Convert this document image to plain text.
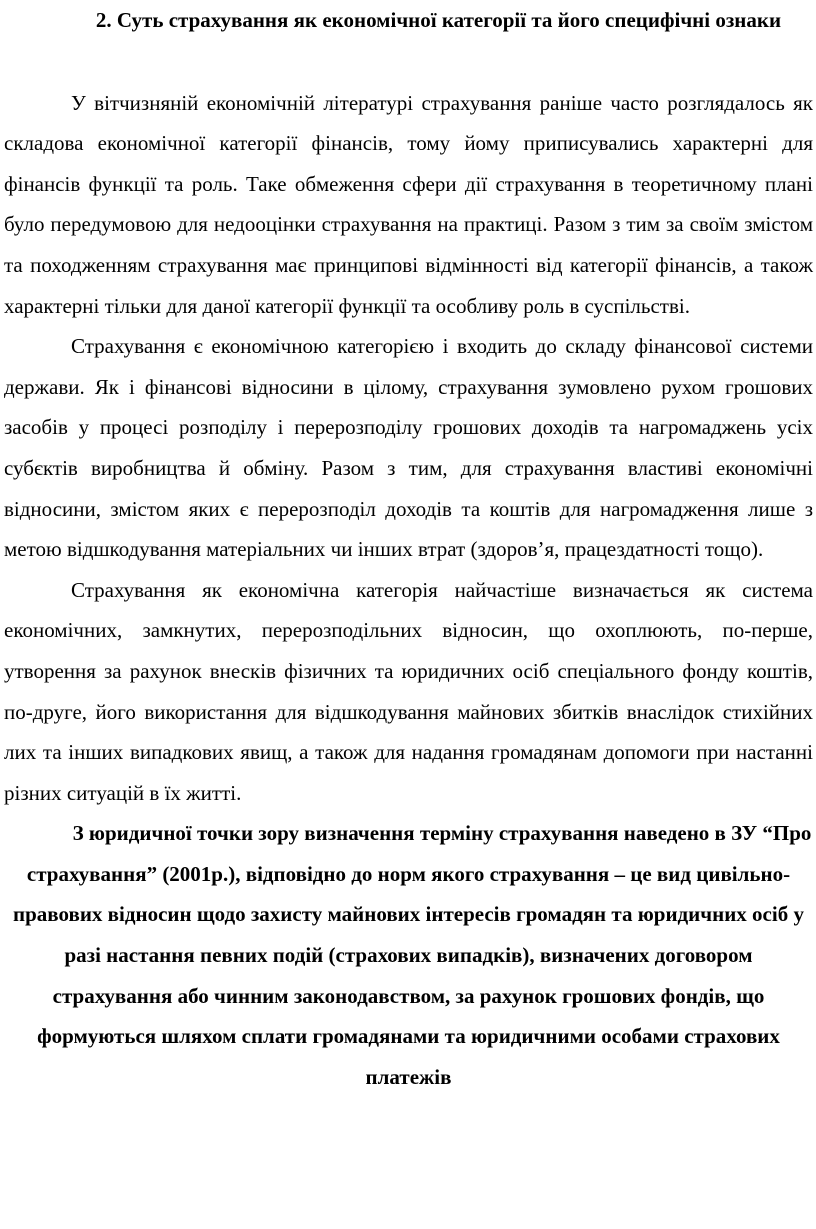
2. Суть страхування як економічної категорії та його специфічні ознаки

У вітчизняній економічній літературі страхування раніше часто розглядалось як складова економічної категорії фінансів, тому йому приписувались характерні для фінансів функції та роль. Таке обмеження сфери дії страхування в теоретичному плані було передумовою для недооцінки страхування на практиці. Разом з тим за своїм змістом та походженням страхування має принципові відмінності від категорії фінансів, а також характерні тільки для даної категорії функції та особливу роль в суспільстві.

Страхування є економічною категорією і входить до складу фінансової системи держави. Як і фінансові відносини в цілому, страхування зумовлено рухом грошових засобів у процесі розподілу і перерозподілу грошових доходів та нагромаджень усіх субєктів виробництва й обміну. Разом з тим, для страхування властиві економічні відносини, змістом яких є перерозподіл доходів та коштів для нагромадження лише з метою відшкодування матеріальних чи інших втрат (здоров’я, працездатності тощо).

Страхування як економічна категорія найчастіше визначається як система економічних, замкнутих, перерозподільних відносин, що охоплюють, по-перше, утворення за рахунок внесків фізичних та юридичних осіб спеціального фонду коштів, по-друге, його використання для відшкодування майнових збитків внаслідок стихійних лих та інших випадкових явищ, а також для надання громадянам допомоги при настанні різних ситуацій в їх житті.

З юридичної точки зору визначення терміну страхування наведено в ЗУ “Про страхування” (2001р.), відповідно до норм якого страхування – це вид цивільно-правових відносин щодо захисту майнових інтересів громадян та юридичних осіб у разі настання певних подій (страхових випадків), визначених договором страхування або чинним законодавством, за рахунок грошових фондів, що формуються шляхом сплати громадянами та юридичними особами страхових платежів
